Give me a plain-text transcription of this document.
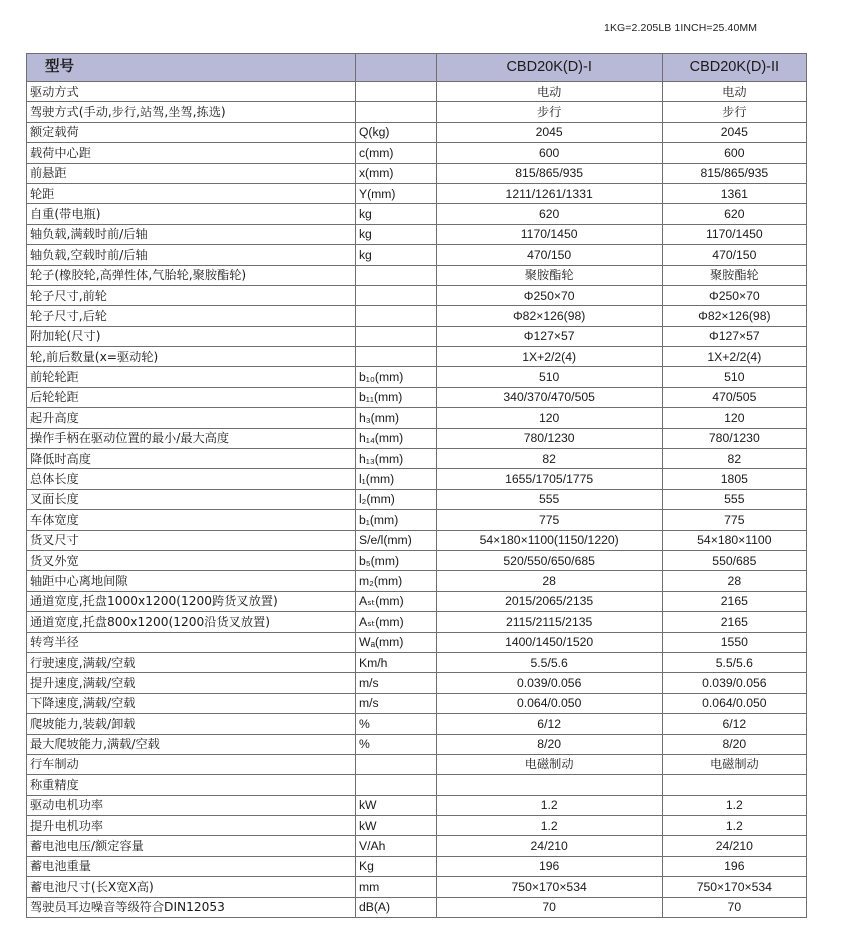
1KG=2.205LB 1INCH=25.40MM
型号		CBD20K(D)-I	CBD20K(D)-II
驱动方式		电动	电动
驾驶方式(手动,步行,站驾,坐驾,拣选)		步行	步行
额定载荷	Q(kg)	2045	2045
载荷中心距	c(mm)	600	600
前悬距	x(mm)	815/865/935	815/865/935
轮距	Y(mm)	1211/1261/1331	1361
自重(带电瓶)	kg	620	620
轴负载,满载时前/后轴	kg	1170/1450	1170/1450
轴负载,空载时前/后轴	kg	470/150	470/150
轮子(橡胶轮,高弹性体,气胎轮,聚胺酯轮)		聚胺酯轮	聚胺酯轮
轮子尺寸,前轮		Φ250×70	Φ250×70
轮子尺寸,后轮		Φ82×126(98)	Φ82×126(98)
附加轮(尺寸)		Φ127×57	Φ127×57
轮,前后数量(x=驱动轮)		1X+2/2(4)	1X+2/2(4)
前轮轮距	b₁₀(mm)	510	510
后轮轮距	b₁₁(mm)	340/370/470/505	470/505
起升高度	h₃(mm)	120	120
操作手柄在驱动位置的最小/最大高度	h₁₄(mm)	780/1230	780/1230
降低时高度	h₁₃(mm)	82	82
总体长度	l₁(mm)	1655/1705/1775	1805
叉面长度	l₂(mm)	555	555
车体宽度	b₁(mm)	775	775
货叉尺寸	S/e/l(mm)	54×180×1100(1150/1220)	54×180×1100
货叉外宽	b₅(mm)	520/550/650/685	550/685
轴距中心离地间隙	m₂(mm)	28	28
通道宽度,托盘1000x1200(1200跨货叉放置)	Aₛₜ(mm)	2015/2065/2135	2165
通道宽度,托盘800x1200(1200沿货叉放置)	Aₛₜ(mm)	2115/2115/2135	2165
转弯半径	Wₐ(mm)	1400/1450/1520	1550
行驶速度,满载/空载	Km/h	5.5/5.6	5.5/5.6
提升速度,满载/空载	m/s	0.039/0.056	0.039/0.056
下降速度,满载/空载	m/s	0.064/0.050	0.064/0.050
爬坡能力,装载/卸载	%	6/12	6/12
最大爬坡能力,满载/空载	%	8/20	8/20
行车制动		电磁制动	电磁制动
称重精度			
驱动电机功率	kW	1.2	1.2
提升电机功率	kW	1.2	1.2
蓄电池电压/额定容量	V/Ah	24/210	24/210
蓄电池重量	Kg	196	196
蓄电池尺寸(长X宽X高)	mm	750×170×534	750×170×534
驾驶员耳边噪音等级符合DIN12053	dB(A)	70	70
